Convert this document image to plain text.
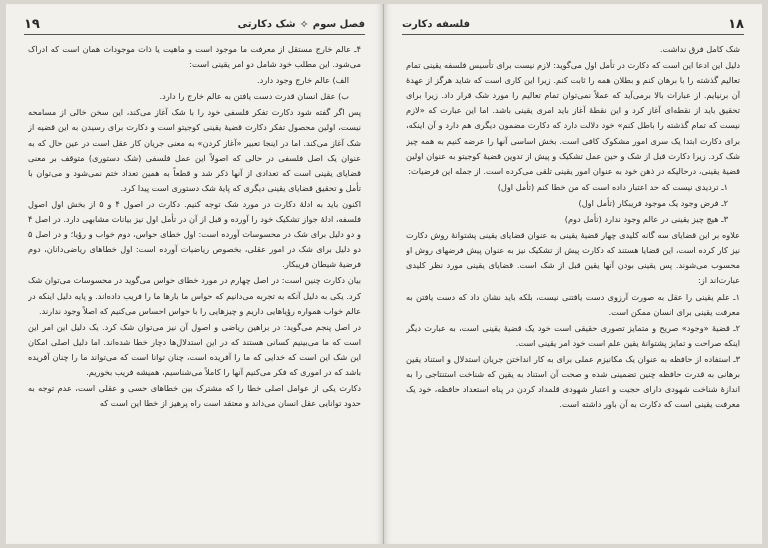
فصل سوم
✧
شک دکارتی
۱۹

۴ـ عالم خارج مستقل از معرفت ما موجود است و ماهیت یا ذات موجودات همان است که ادراک می‌شود. این مطلب خود شامل دو امر یقینی است:

الف) عالم خارج وجود دارد.

ب) عقل انسان قدرت دست یافتن به عالم خارج را دارد.

پس اگر گفته شود دکارت تفکر فلسفی خود را با شک آغاز می‌کند، این سخن خالی از مسامحه نیست، اولین محصول تفکر دکارت قضیهٔ یقینی کوجیتو است و دکارت برای رسیدن به این قضیه از شک آغاز می‌کند. اما در اینجا تعبیر «آغاز کردن» به معنی جریان کار عقل است در عین حال که به عنوان یک اصل فلسفی در حالی که اصولاً این عمل فلسفی (شک دستوری) متوقف بر معنی قضایای یقینی است که تعدادی از آنها ذکر شد و قطعاً به همین تعداد ختم نمی‌شود و می‌توان با تأمل و تحقیق قضایای یقینی دیگری که پایهٔ شک دستوری است پیدا کرد.

اکنون باید به ادلهٔ دکارت در مورد شک توجه کنیم. دکارت در اصول ۴ و ۵ از بخش اول اصول فلسفه، ادلهٔ جواز تشکیک خود را آورده و قبل از آن در تأمل اول نیز بیانات مشابهی دارد. در اصل ۴ و دو دلیل برای شک در محسوسات آورده است: اول خطای حواس، دوم خواب و رؤیا؛ و در اصل ۵ دو دلیل برای شک در امور عقلی، بخصوص ریاضیات آورده است: اول خطاهای ریاضی‌دانان، دوم فرضیهٔ شیطان فریبکار.

بیان دکارت چنین است: در اصل چهارم در مورد خطای حواس می‌گوید در محسوسات می‌توان شک کرد. یکی به دلیل آنکه به تجربه می‌دانیم که حواس ما بارها ما را فریب داده‌اند. و پایه دلیل اینکه در عالم خواب همواره رؤیاهایی داریم و چیزهایی را با حواس احساس می‌کنیم که اصلاً وجود ندارند.

در اصل پنجم می‌گوید: در براهین ریاضی و اصول آن نیز می‌توان شک کرد. یک دلیل این امر این است که ما می‌بینیم کسانی هستند که در این استدلال‌ها دچار خطا شده‌اند. اما دلیل اصلی امکان این شک این است که خدایی که ما را آفریده است، چنان توانا است که می‌تواند ما را چنان آفریده باشد که در اموری که فکر می‌کنیم آنها را کاملاً می‌شناسیم، همیشه فریب بخوریم.

دکارت یکی از عوامل اصلی خطا را که مشترک بین خطاهای حسی و عقلی است، عدم توجه به حدود توانایی عقل انسان می‌داند و معتقد است راه پرهیز از خطا این است که

۱۸
فلسفه دکارت

شک کامل فرق نداشت.

دلیل این ادعا این است که دکارت در تأمل اول می‌گوید: لازم نیست برای تأسیس فلسفه یقینی تمام تعالیم گذشته را با برهان کنم و بطلان همه را ثابت کنم. زیرا این کاری است که شاید هرگز از عهدهٔ آن برنیایم. از عبارات بالا برمی‌آید که عملاً نمی‌توان تمام تعالیم را مورد شک قرار داد. زیرا برای تحقیق باید از نقطه‌ای آغاز کرد و این نقطهٔ آغاز باید امری یقینی باشد. اما این عبارت که «لازم نیست که تمام گذشته را باطل کنم» خود دلالت دارد که دکارت مضمون دیگری هم دارد و آن اینکه، برای دکارت ابتدا یک سری امور مشکوک کافی است. بخش اساسی آنها را عرضه کنیم به همه چیز شک کرد. زیرا دکارت قبل از شک و حین عمل تشکیک و پیش از تدوین قضیهٔ کوجیتو به عنوان اولین قضیهٔ یقینی، درحالیکه در ذهن خود به عنوان امور یقینی تلقی می‌کرده است. از جمله این فرضیات:

۱ـ تردیدی نیست که حد اعتبار داده است که من خطا کنم (تأمل اول)

۲ـ فرض وجود یک موجود فریبکار (تأمل اول)

۳ـ هیچ چیز یقینی در عالم وجود ندارد (تأمل دوم)

علاوه بر این قضایای سه گانه کلیدی چهار قضیهٔ یقینی به عنوان قضایای یقینی پشتوانهٔ روش دکارت نیز کار کرده است، این قضایا هستند که دکارت پیش از تشکیک نیز به عنوان پیش فرضهای روش او محسوب می‌شوند. پس یقینی بودن آنها یقین قبل از شک است. قضایای یقینی مورد نظر کلیدی عبارت‌اند از:

۱ـ علم یقینی را عقل به صورت آرزوی دست یافتنی نیست، بلکه باید نشان داد که دست یافتن به معرفت یقینی برای انسان ممکن است.

۲ـ قضیهٔ «وجود» صریح و متمایز تصوری حقیقی است خود یک قضیهٔ یقینی است، به عبارت دیگر اینکه صراحت و تمایز پشتوانهٔ یقین علم است خود امر یقینی است.

۳ـ استفاده از حافظه به عنوان یک مکانیزم عملی برای به کار انداختن جریان استدلال و استناد یقین برهانی به قدرت حافظه چنین تضمینی شده و صحت آن استناد به یقین که شناخت استنتاجی را به اندازهٔ شناخت شهودی دارای حجیت و اعتبار شهودی قلمداد کردن در پناه استعداد حافظه، خود یک معرفت یقینی است که دکارت به آن باور داشته است.
